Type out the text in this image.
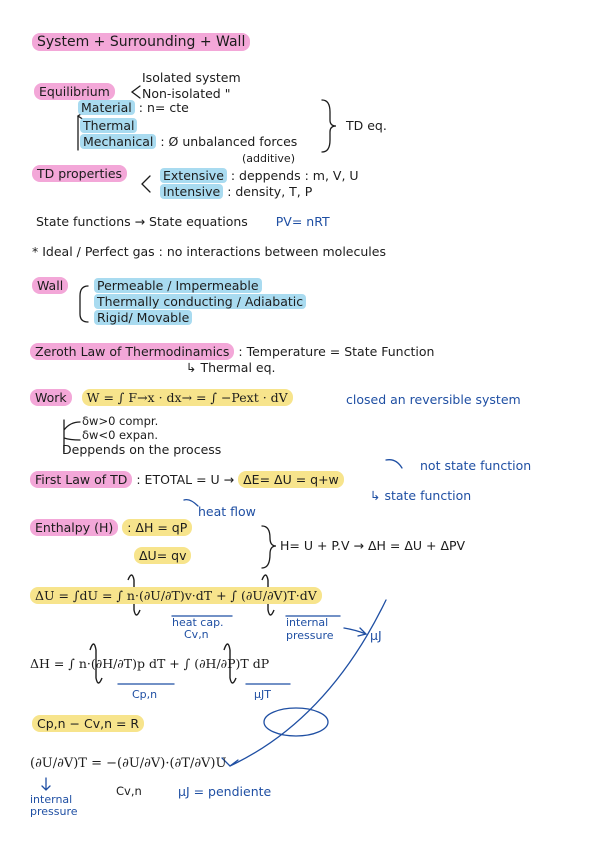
System + Surrounding + Wall
Equilibrium
Isolated system
Non-isolated "
Material : n= cte
Thermal
Mechanical : Ø unbalanced forces
TD eq.
TD properties
(additive)
Extensive : deppends : m, V, U
Intensive : density, T, P
State functions → State equations PV= nRT
* Ideal / Perfect gas : no interactions between molecules
Wall	Permeable / Impermeable
Thermally conducting / Adiabatic
Rigid/ Movable
Zeroth Law of Thermodinamics : Temperature = State Function
↳ Thermal eq.
Work W = ∫ F→x · dx→ = ∫ −Pext · dV	closed an reversible system
δw>0 compr.
δw<0 expan.
Deppends on the process
First Law of TD : ETOTAL = U → ΔE= ΔU = q+w
not state function
↳ state function
Enthalpy (H) : ΔH = qP
heat flow
ΔU= qv
H= U + P.V → ΔH = ΔU + ΔPV
ΔU = ∫dU = ∫ n·(∂U/∂T)v·dT + ∫ (∂U/∂V)T·dV
heat cap.
Cv,n
internal pressure	μJ
ΔH = ∫ n·(∂H/∂T)p dT + ∫ (∂H/∂P)T dP
Cp,n	μJT
Cp,n − Cv,n = R
(∂U/∂V)T = −(∂U/∂V)·(∂T/∂V)U
internal pressure
Cv,n	μJ = pendiente
